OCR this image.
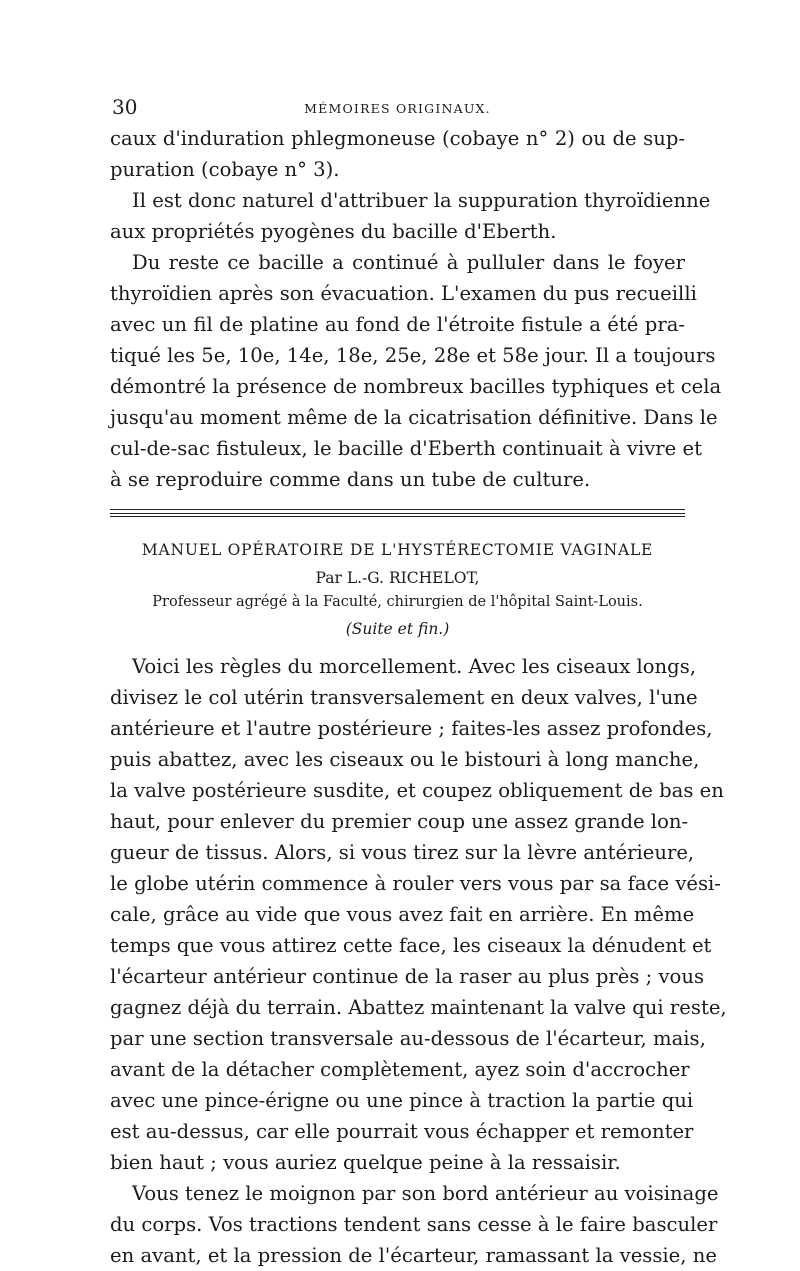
30	MÉMOIRES ORIGINAUX.
caux d'induration phlegmoneuse (cobaye n° 2) ou de sup-
puration (cobaye n° 3).
Il est donc naturel d'attribuer la suppuration thyroïdienne
aux propriétés pyogènes du bacille d'Eberth.
Du reste ce bacille a continué à pulluler dans le foyer
thyroïdien après son évacuation. L'examen du pus recueilli
avec un fil de platine au fond de l'étroite fistule a été pra-
tiqué les 5e, 10e, 14e, 18e, 25e, 28e et 58e jour. Il a toujours
démontré la présence de nombreux bacilles typhiques et cela
jusqu'au moment même de la cicatrisation définitive. Dans le
cul-de-sac fistuleux, le bacille d'Eberth continuait à vivre et
à se reproduire comme dans un tube de culture.
MANUEL OPÉRATOIRE DE L'HYSTÉRECTOMIE VAGINALE

Par L.-G. RICHELOT,

Professeur agrégé à la Faculté, chirurgien de l'hôpital Saint-Louis.

(Suite et fin.)

Voici les règles du morcellement. Avec les ciseaux longs,
divisez le col utérin transversalement en deux valves, l'une
antérieure et l'autre postérieure ; faites-les assez profondes,
puis abattez, avec les ciseaux ou le bistouri à long manche,
la valve postérieure susdite, et coupez obliquement de bas en
haut, pour enlever du premier coup une assez grande lon-
gueur de tissus. Alors, si vous tirez sur la lèvre antérieure,
le globe utérin commence à rouler vers vous par sa face vési-
cale, grâce au vide que vous avez fait en arrière. En même
temps que vous attirez cette face, les ciseaux la dénudent et
l'écarteur antérieur continue de la raser au plus près ; vous
gagnez déjà du terrain. Abattez maintenant la valve qui reste,
par une section transversale au-dessous de l'écarteur, mais,
avant de la détacher complètement, ayez soin d'accrocher
avec une pince-érigne ou une pince à traction la partie qui
est au-dessus, car elle pourrait vous échapper et remonter
bien haut ; vous auriez quelque peine à la ressaisir.
Vous tenez le moignon par son bord antérieur au voisinage
du corps. Vos tractions tendent sans cesse à le faire basculer
en avant, et la pression de l'écarteur, ramassant la vessie, ne
